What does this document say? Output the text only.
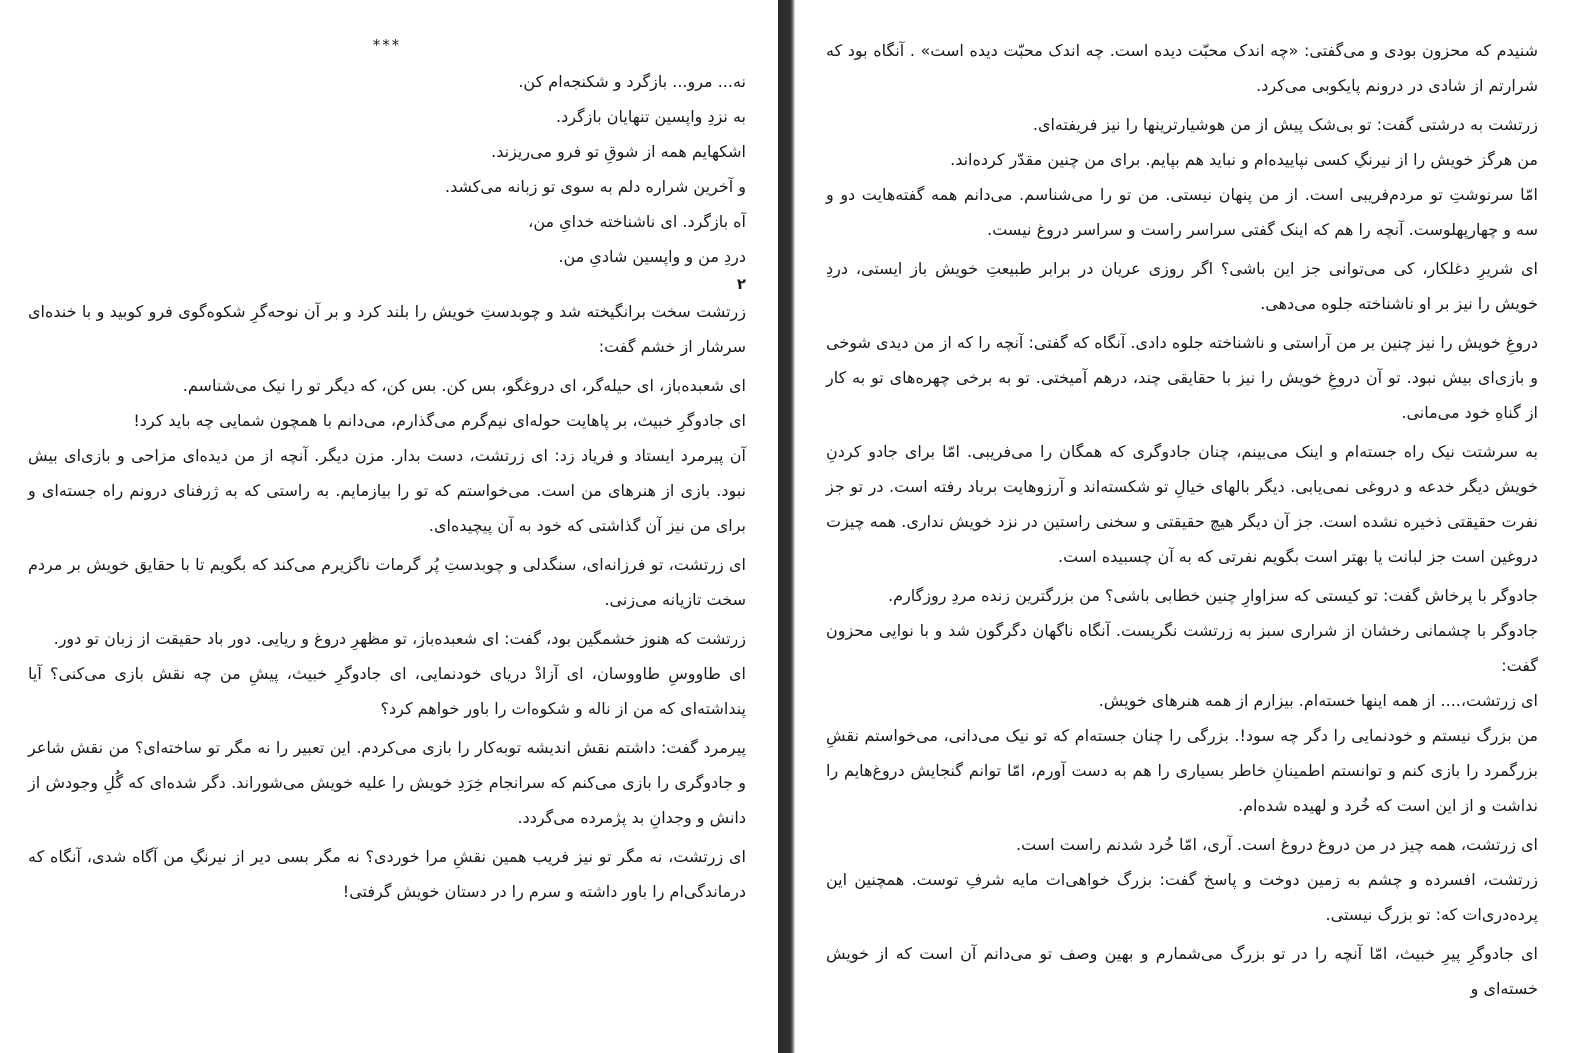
***

نه... مرو... بازگرد و شکنجه‌ام کن.

به نزدِ واپسین تنهایان بازگرد.

اشکهایم همه از شوقِ تو فرو می‌ریزند.

و آخرین شراره دلم به سوی تو زبانه می‌کشد.

آه بازگرد. ای ناشناخته خدایِ من،

دردِ من و واپسین شادیِ من.

۲

زرتشت سخت برانگیخته شد و چوبدستِ خویش را بلند کرد و بر آن نوحه‌گرِ شکوه‌گوی فرو کوبید و با خنده‌ای سرشار از خشم گفت:

ای شعبده‌باز، ای حیله‌گر، ای دروغگو، بس کن. بس کن، که دیگر تو را نیک می‌شناسم.

ای جادوگرِ خبیث، بر پاهایت حوله‌ای نیم‌گرم می‌گذارم، می‌دانم با همچون شمایی چه باید کرد!

آن پیرمرد ایستاد و فریاد زد: ای زرتشت، دست بدار. مزن دیگر. آنچه از من دیده‌ای مزاحی و بازی‌ای بیش نبود. بازی از هنرهای من است. می‌خواستم که تو را بیازمایم. به راستی که به ژرفنای درونم راه جسته‌ای و برای من نیز آن گذاشتی که خود به آن پیچیده‌ای.

ای زرتشت، تو فرزانه‌ای، سنگدلی و چوبدستِ پُر گرمات ناگزیرم می‌کند که بگویم تا با حقایق خویش بر مردم سخت تازیانه می‌زنی.

زرتشت که هنوز خشمگین بود، گفت: ای شعبده‌باز، تو مظهرِ دروغ و ریایی. دور باد حقیقت از زبان تو دور.

ای طاووسِ طاووسان، ای آزادْ دریای خودنمایی، ای جادوگرِ خبیث، پیشِ من چه نقش بازی می‌کنی؟ آیا پنداشته‌ای که من از ناله و شکوه‌ات را باور خواهم کرد؟

پیرمرد گفت: داشتم نقش اندیشه توبه‌کار را بازی می‌کردم. این تعبیر را نه مگر تو ساخته‌ای؟ من نقش شاعر و جادوگری را بازی می‌کنم که سرانجام خِرَدِ خویش را علیه خویش می‌شوراند. دگر شده‌ای که گُلِ وجودش از دانش و وجدانِ بد پژمرده می‌گردد.

ای زرتشت، نه مگر تو نیز فریب همین نقشِ مرا خوردی؟ نه مگر بسی دیر از نیرنگِ من آگاه شدی، آنگاه که درماندگی‌ام را باور داشته و سرم را در دستان خویش گرفتی!

شنیدم که محزون بودی و می‌گفتی: «چه اندک محبّت دیده است. چه اندک محبّت دیده است» . آنگاه بود که شرارتم از شادی در درونم پایکوبی می‌کرد.

زرتشت به درشتی گفت: تو بی‌شک پیش از من هوشیارترینها را نیز فریفته‌ای.

من هرگز خویش را از نیرنگِ کسی نپاییده‌ام و نباید هم بپایم. برای من چنین مقدّر کرده‌اند.

امّا سرنوشتِ تو مردم‌فریبی است. از من پنهان نیستی. من تو را می‌شناسم. می‌دانم همه گفته‌هایت دو و سه و چهارپهلوست. آنچه را هم که اینک گفتی سراسر راست و سراسر دروغ نیست.

ای شریرِ دغلکار، کی می‌توانی جز این باشی؟ اگر روزی عریان در برابر طبیعتِ خویش باز ایستی، دردِ خویش را نیز بر او ناشناخته جلوه می‌دهی.

دروغِ خویش را نیز چنین بر من آراستی و ناشناخته جلوه دادی. آنگاه که گفتی: آنچه را که از من دیدی شوخی و بازی‌ای بیش نبود. تو آن دروغِ خویش را نیز با حقایقی چند، درهم آمیختی. تو به برخی چهره‌های تو به کار از گناهِ خود می‌مانی.

به سرشتت نیک راه جسته‌ام و اینک می‌بینم، چنان جادوگری که همگان را می‌فریبی. امّا برای جادو کردنِ خویش دیگر خدعه و دروغی نمی‌یابی. دیگر بالهای خیالِ تو شکسته‌اند و آرزوهایت برباد رفته است. در تو جز نفرت حقیقتی ذخیره نشده است. جز آن دیگر هیچ حقیقتی و سخنی راستین در نزد خویش نداری. همه چیزت دروغین است جز لبانت یا بهتر است بگویم نفرتی که به آن چسبیده است.

جادوگر با پرخاش گفت: تو کیستی که سزاوارِ چنین خطابی باشی؟ من بزرگترین زنده مردِ روزگارم.

جادوگر با چشمانی رخشان از شراری سبز به زرتشت نگریست. آنگاه ناگهان دگرگون شد و با نوایی محزون گفت:

ای زرتشت،.... از همه اینها خسته‌ام. بیزارم از همه هنرهای خویش.

من بزرگ نیستم و خودنمایی را دگر چه سود!. بزرگی را چنان جسته‌ام که تو نیک می‌دانی، می‌خواستم نقشِ بزرگمرد را بازی کنم و توانستم اطمینانِ خاطر بسیاری را هم به دست آورم، امّا توانم گنجایش دروغ‌هایم را نداشت و از این است که خُرد و لهیده شده‌ام.

ای زرتشت، همه چیز در من دروغ دروغ است. آری، امّا خُرد شدنم راست است.

زرتشت، افسرده و چشم به زمین دوخت و پاسخ گفت: بزرگ خواهی‌ات مایه شرفِ توست. همچنین این پرده‌دری‌ات که: تو بزرگ نیستی.

ای جادوگرِ پیرِ خبیث، امّا آنچه را در تو بزرگ می‌شمارم و بهین وصف تو می‌دانم آن است که از خویش خسته‌ای و
